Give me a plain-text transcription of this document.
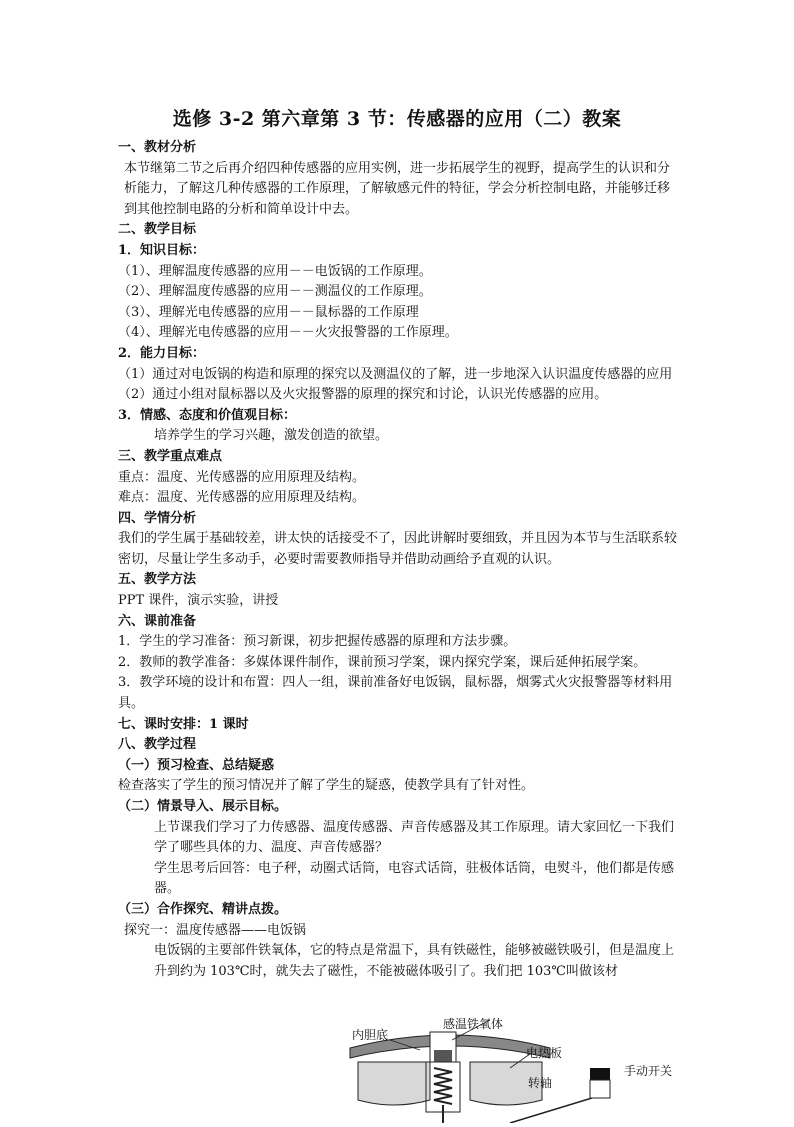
选修 3-2 第六章第 3 节：传感器的应用（二）教案

一、教材分析

本节继第二节之后再介绍四种传感器的应用实例，进一步拓展学生的视野，提高学生的认识和分析能力，了解这几种传感器的工作原理，了解敏感元件的特征，学会分析控制电路，并能够迁移到其他控制电路的分析和简单设计中去。

二、教学目标

1．知识目标：

（1）、理解温度传感器的应用－－电饭锅的工作原理。

（2）、理解温度传感器的应用－－测温仪的工作原理。

（3）、理解光电传感器的应用－－鼠标器的工作原理

（4）、理解光电传感器的应用－－火灾报警器的工作原理。

2．能力目标：

（1）通过对电饭锅的构造和原理的探究以及测温仪的了解，进一步地深入认识温度传感器的应用

（2）通过小组对鼠标器以及火灾报警器的原理的探究和讨论，认识光传感器的应用。

3．情感、态度和价值观目标：

培养学生的学习兴趣，激发创造的欲望。

三、教学重点难点

重点：温度、光传感器的应用原理及结构。

难点：温度、光传感器的应用原理及结构。

四、学情分析

我们的学生属于基础较差，讲太快的话接受不了，因此讲解时要细致，并且因为本节与生活联系较密切，尽量让学生多动手，必要时需要教师指导并借助动画给予直观的认识。

五、教学方法

PPT 课件，演示实验，讲授

六、课前准备

1．学生的学习准备：预习新课，初步把握传感器的原理和方法步骤。

2．教师的教学准备：多媒体课件制作，课前预习学案，课内探究学案，课后延伸拓展学案。

3．教学环境的设计和布置：四人一组，课前准备好电饭锅，鼠标器，烟雾式火灾报警器等材料用具。

七、课时安排：1 课时

八、教学过程

（一）预习检查、总结疑惑

检查落实了学生的预习情况并了解了学生的疑惑，使教学具有了针对性。

（二）情景导入、展示目标。

上节课我们学习了力传感器、温度传感器、声音传感器及其工作原理。请大家回忆一下我们学了哪些具体的力、温度、声音传感器？

学生思考后回答：电子秤，动圈式话筒，电容式话筒，驻极体话筒，电熨斗，他们都是传感器。

（三）合作探究、精讲点拨。

探究一：温度传感器——电饭锅

电饭锅的主要部件铁氧体，它的特点是常温下，具有铁磁性，能够被磁铁吸引，但是温度上升到约为 103℃时，就失去了磁性，不能被磁体吸引了。我们把 103℃叫做该材

内胆底
感温铁氧体
电热板
手动开关
转轴
